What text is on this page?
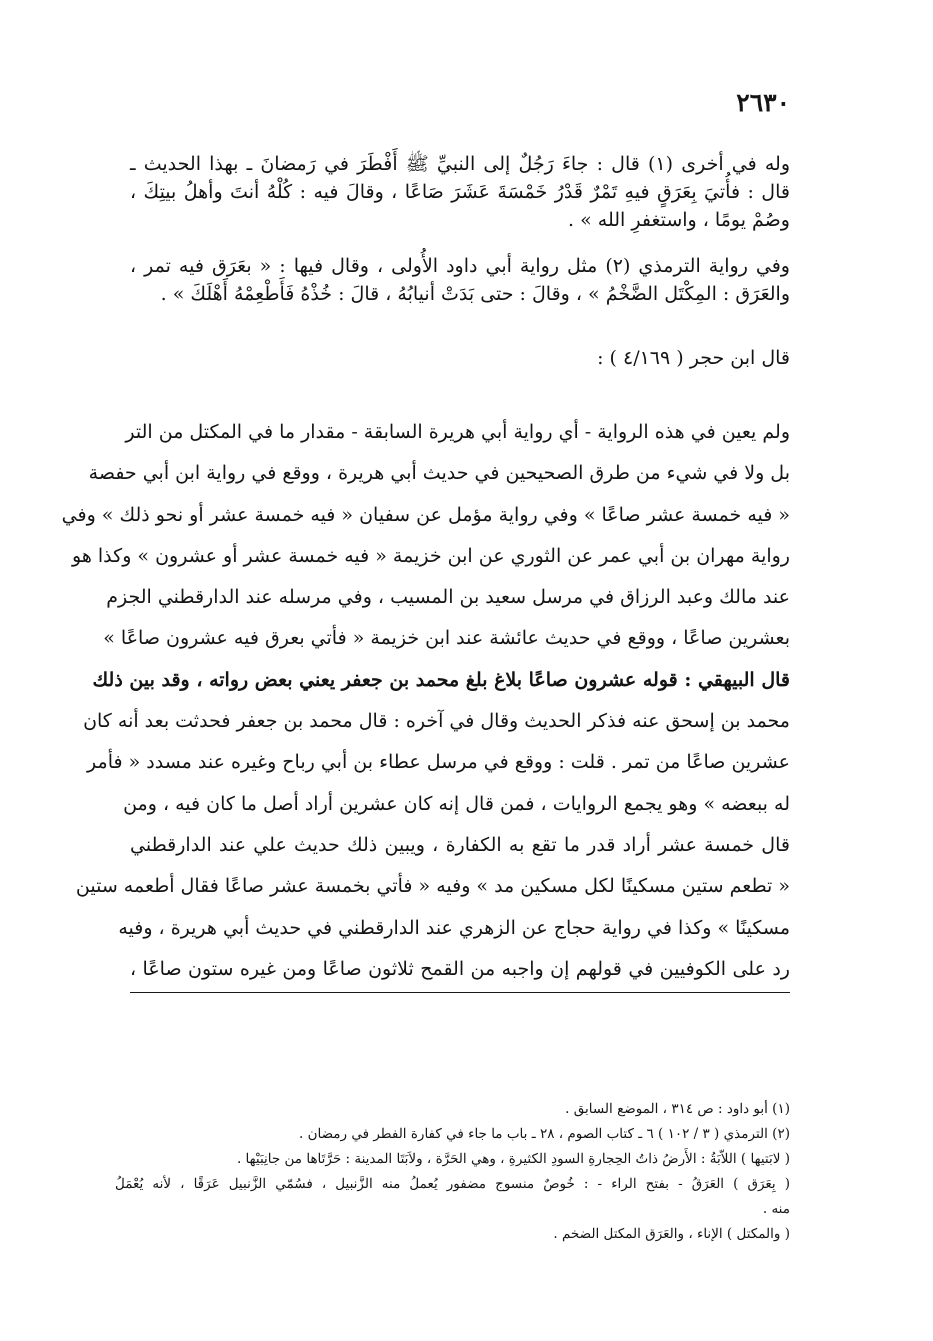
٢٦٣٠
وله في أخرى (١) قال : جاءَ رَجُلٌ إلى النبيِّ ﷺ أَفْطَرَ في رَمضانَ ـ بهذا الحديث ـ
قال : فأُتيَ بِعَرَقٍ فيهِ تَمْرٌ قَدْرُ خَمْسَةَ عَشَرَ صَاعًا ، وقالَ فيه : كُلْهُ أنتَ وأهلُ بيتِكَ ،
وصُمْ يومًا ، واستغفرِ الله » .
وفي رواية الترمذي (٢) مثل رواية أبي داود الأُولى ، وقال فيها : « بعَرَق فيه تمر ،
والعَرَق : المِكْتَل الضَّخْمُ » ، وقالَ : حتى بَدَتْ أنيابُهُ ، قالَ : خُذْهُ فَأَطْعِمْهُ أَهْلَكَ » .
قال ابن حجر ( ٤/١٦٩ ) :
ولم يعين في هذه الرواية - أي رواية أبي هريرة السابقة - مقدار ما في المكتل من التر
بل ولا في شيء من طرق الصحيحين في حديث أبي هريرة ، ووقع في رواية ابن أبي حفصة
« فيه خمسة عشر صاعًا » وفي رواية مؤمل عن سفيان « فيه خمسة عشر أو نحو ذلك » وفي
رواية مهران بن أبي عمر عن الثوري عن ابن خزيمة « فيه خمسة عشر أو عشرون » وكذا هو
عند مالك وعبد الرزاق في مرسل سعيد بن المسيب ، وفي مرسله عند الدارقطني الجزم
بعشرين صاعًا ، ووقع في حديث عائشة عند ابن خزيمة « فأتي بعرق فيه عشرون صاعًا »
قال البيهقي : قوله عشرون صاعًا بلاغ بلغ محمد بن جعفر يعني بعض رواته ، وقد بين ذلك
محمد بن إسحق عنه فذكر الحديث وقال في آخره : قال محمد بن جعفر فحدثت بعد أنه كان
عشرين صاعًا من تمر . قلت : ووقع في مرسل عطاء بن أبي رباح وغيره عند مسدد « فأمر
له ببعضه » وهو يجمع الروايات ، فمن قال إنه كان عشرين أراد أصل ما كان فيه ، ومن
قال خمسة عشر أراد قدر ما تقع به الكفارة ، ويبين ذلك حديث علي عند الدارقطني
« تطعم ستين مسكينًا لكل مسكين مد » وفيه « فأتي بخمسة عشر صاعًا فقال أطعمه ستين
مسكينًا » وكذا في رواية حجاج عن الزهري عند الدارقطني في حديث أبي هريرة ، وفيه
رد على الكوفيين في قولهم إن واجبه من القمح ثلاثون صاعًا ومن غيره ستون صاعًا ،
(١) أبو داود : ص ٣١٤ ، الموضع السابق .
(٢) الترمذي ( ٣ / ١٠٢ ) ٦ ـ كتاب الصوم ، ٢٨ ـ باب ما جاء في كفارة الفطر في رمضان .
( لابَتيها ) اللاّبَةُ : الأَرضُ ذاتُ الحِجارةِ السودِ الكثيرةِ ، وهي الحَرَّة ، ولاَبَتَا المدينة : حَرَّتَاها من جانِبَيْها .
( بِعَرَق ) العَرَقُ - بفتح الراء - : خُوصٌ منسوج مضفور يُعملُ منه الزَّنبيل ، فسُمّي الزَّنبيل عَرَقًا ، لأنه يُعْمَلُ
منه .
( والمكتل ) الإناء ، والعَرَق المكتل الضخم .
